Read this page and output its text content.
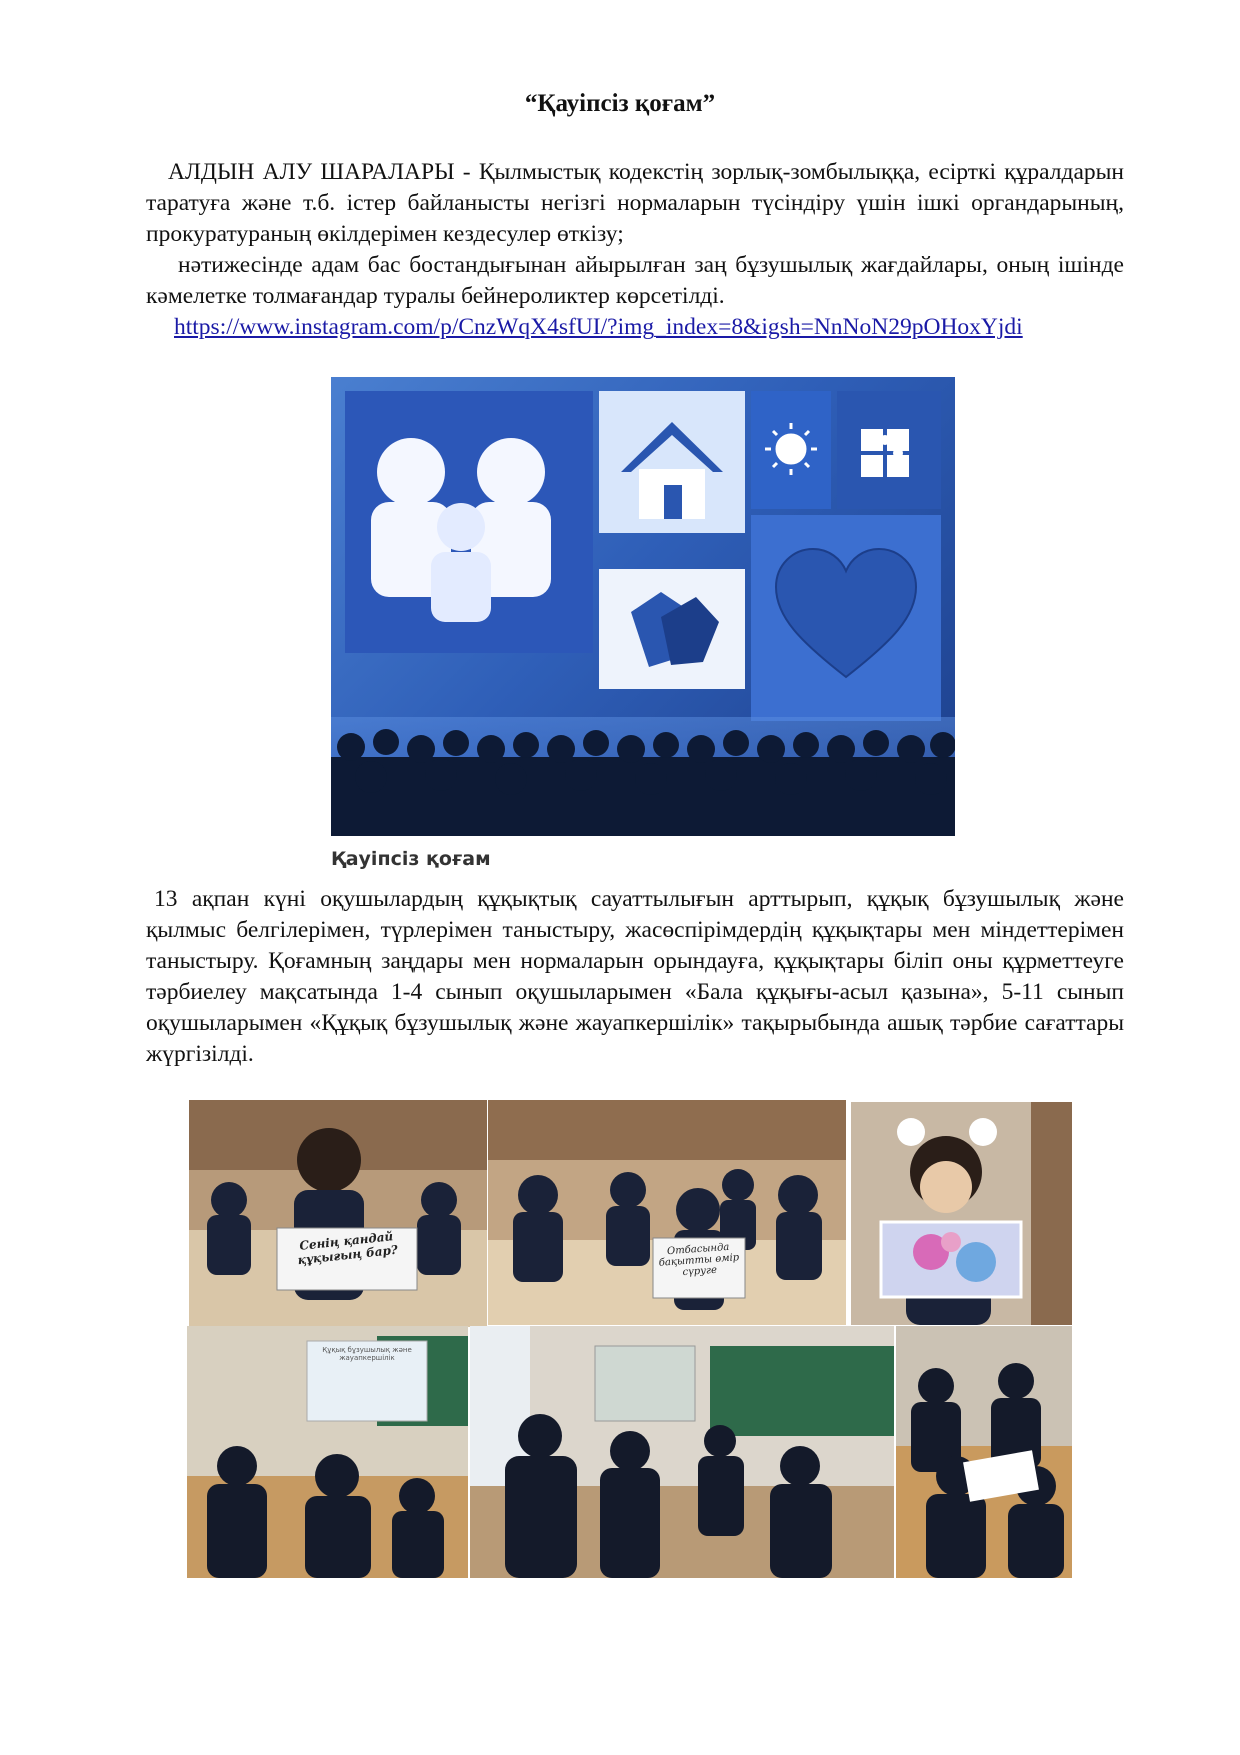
“Қауіпсіз қоғам”

АЛДЫН АЛУ ШАРАЛАРЫ - Қылмыстық кодекстің зорлық-зомбылыққа, есірткі құралдарын таратуға және т.б. істер байланысты негізгі нормаларын түсіндіру үшін ішкі органдарының, прокуратураның өкілдерімен кездесулер өткізу;

нәтижесінде адам бас бостандығынан айырылған заң бұзушылық жағдайлары, оның ішінде кәмелетке толмағандар туралы бейнероликтер көрсетілді.

https://www.instagram.com/p/CnzWqX4sfUI/?img_index=8&igsh=NnNoN29pOHoxYjdi

Қауіпсіз қоғам

13 ақпан күні оқушылардың құқықтық сауаттылығын арттырып, құқық бұзушылық және қылмыс белгілерімен, түрлерімен таныстыру, жасөспірімдердің құқықтары мен міндеттерімен таныстыру. Қоғамның заңдары мен нормаларын орындауға, құқықтары біліп оны құрметтеуге тәрбиелеу мақсатында 1-4 сынып оқушыларымен «Бала құқығы-асыл қазына», 5-11 сынып оқушыларымен «Құқық бұзушылық және жауапкершілік» тақырыбында ашық тәрбие сағаттары жүргізілді.

Сенің қандай құқығың бар?	Отбасында бақытты өмір сүруге
Құқық бұзушылық және жауапкершілік
